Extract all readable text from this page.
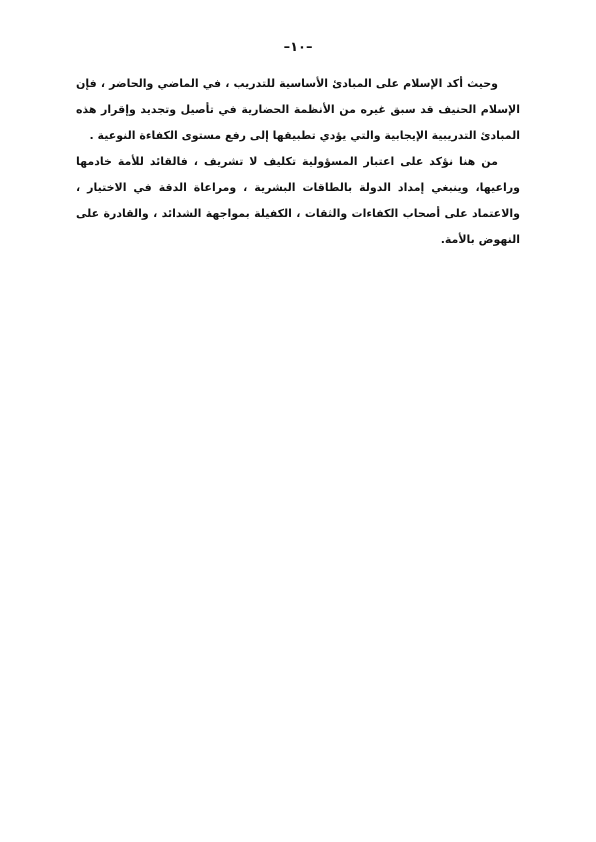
–١٠–

وحيث أكد الإسلام على المبادئ الأساسية للتدريب ، في الماضي والحاضر ، فإن الإسلام الحنيف قد سبق غيره من الأنظمة الحضارية في تأصيل وتجديد وإقرار هذه المبادئ التدريبية الإيجابية والتي يؤدي تطبيقها إلى رفع مستوى الكفاءة النوعية .

من هنا نؤكد على اعتبار المسؤولية تكليف لا تشريف ، فالقائد للأمة خادمها وراعيها، وينبغي إمداد الدولة بالطاقات البشرية ، ومراعاة الدقة في الاختيار ، والاعتماد على أصحاب الكفاءات والثقات ، الكفيلة بمواجهة الشدائد ، والقادرة على النهوض بالأمة.
